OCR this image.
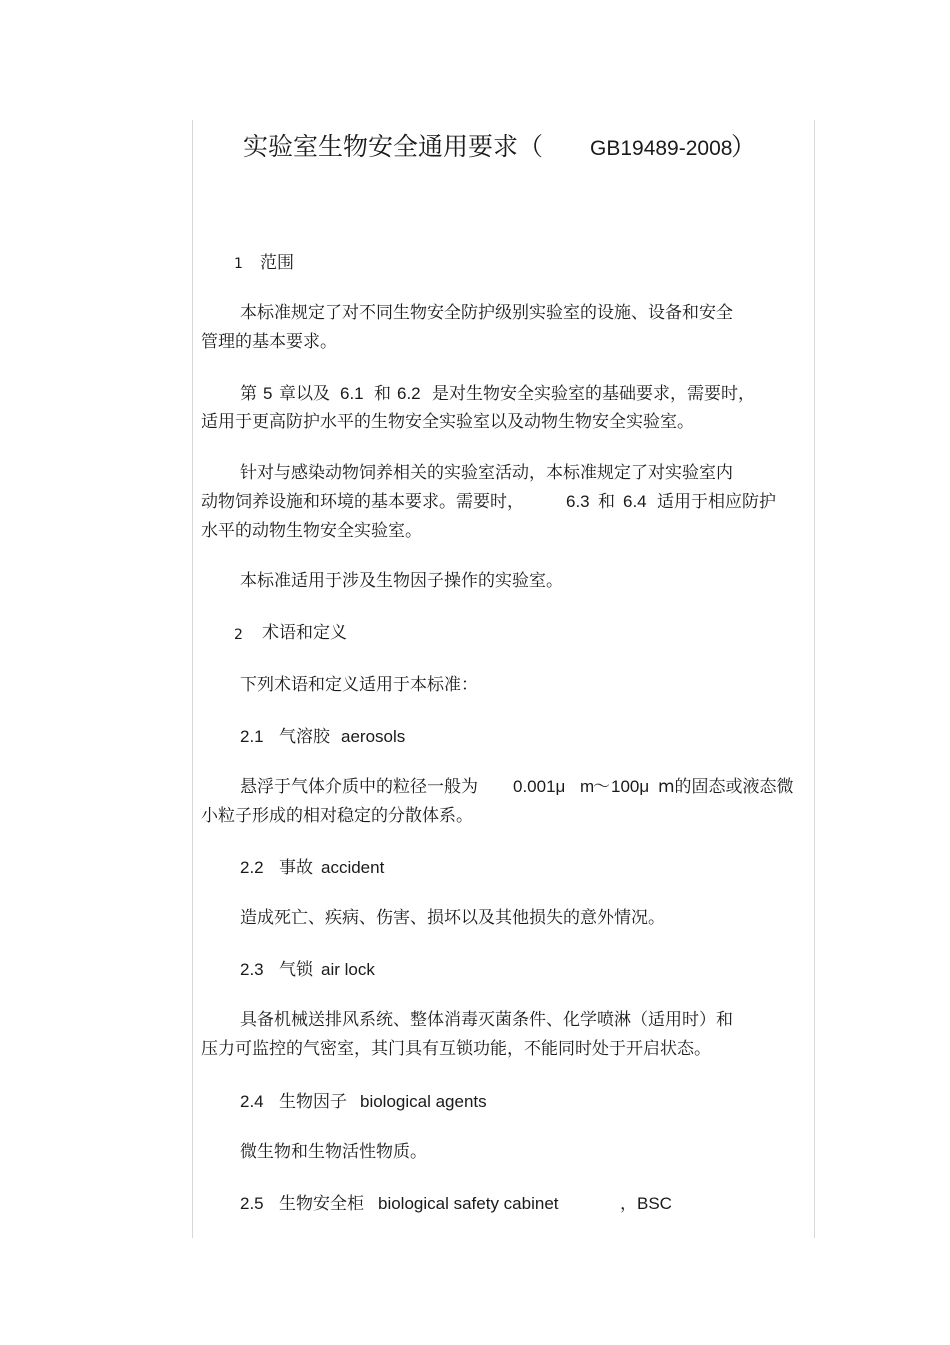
实验室生物安全通用要求（ GB19489-2008
）
1 范围
本标准规定了对不同生物安全防护级别实验室的设施、设备和安全
管理的基本要求。
第 5 章以及 6.1 和 6.2 是对生物安全实验室的基础要求，需要时，
适用于更高防护水平的生物安全实验室以及动物生物安全实验室。
针对与感染动物饲养相关的实验室活动，本标准规定了对实验室内
动物饲养设施和环境的基本要求。需要时， 6.3 和 6.4 适用于相应防护
水平的动物生物安全实验室。
本标准适用于涉及生物因子操作的实验室。
2 术语和定义
下列术语和定义适用于本标准：
2.1 气溶胶 aerosols
悬浮于气体介质中的粒径一般为 0.001μ m
～ 100μ m的固态或液态微
小粒子形成的相对稳定的分散体系。
2.2 事故 accident
造成死亡、疾病、伤害、损坏以及其他损失的意外情况。
2.3 气锁 air lock
具备机械送排风系统、整体消毒灭菌条件、化学喷淋（适用时）和
压力可监控的气密室，其门具有互锁功能，不能同时处于开启状态。
2.4 生物因子 biological agents
微生物和生物活性物质。
2.5 生物安全柜 biological safety cabinet	，BSC
